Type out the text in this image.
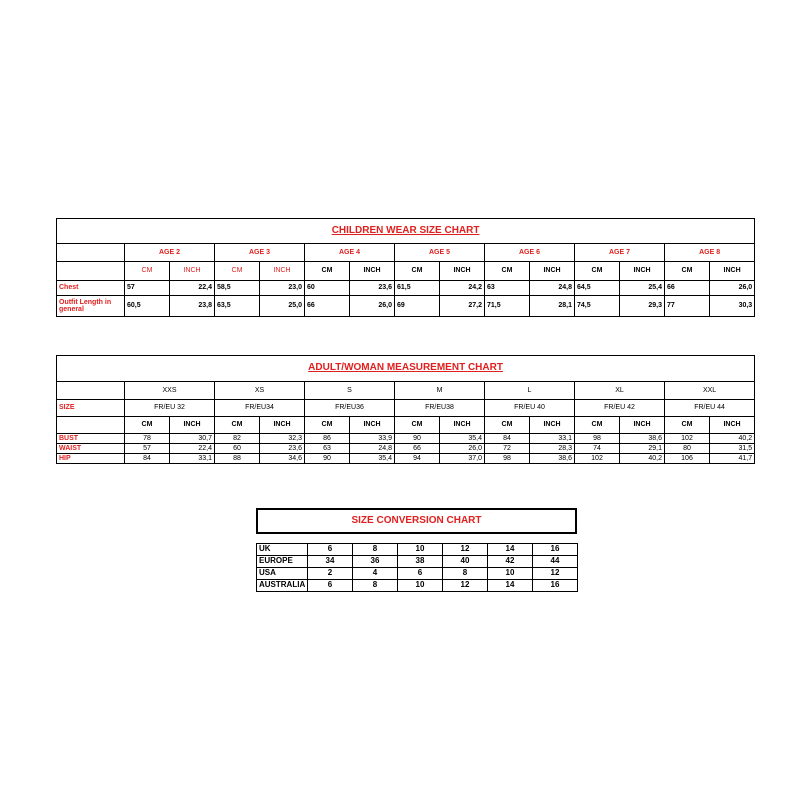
CHILDREN WEAR SIZE CHART														
	AGE 2		AGE 3		AGE 4		AGE 5		AGE 6		AGE 7		AGE 8	
	CM	INCH	CM	INCH	CM	INCH	CM	INCH	CM	INCH	CM	INCH	CM	INCH
Chest	57	22,4	58,5	23,0	60	23,6	61,5	24,2	63	24,8	64,5	25,4	66	26,0
Outfit Length in general	60,5	23,8	63,5	25,0	66	26,0	69	27,2	71,5	28,1	74,5	29,3	77	30,3
ADULT/WOMAN MEASUREMENT CHART														
	XXS		XS		S		M		L		XL		XXL	
SIZE	FR/EU 32		FR/EU34		FR/EU36		FR/EU38		FR/EU 40		FR/EU 42		FR/EU 44	
	CM	INCH	CM	INCH	CM	INCH	CM	INCH	CM	INCH	CM	INCH	CM	INCH
BUST	78	30,7	82	32,3	86	33,9	90	35,4	84	33,1	98	38,6	102	40,2
WAIST	57	22,4	60	23,6	63	24,8	66	26,0	72	28,3	74	29,1	80	31,5
HIP	84	33,1	88	34,6	90	35,4	94	37,0	98	38,6	102	40,2	106	41,7
SIZE CONVERSION CHART
UK	6	8	10	12	14	16
EUROPE	34	36	38	40	42	44
USA	2	4	6	8	10	12
AUSTRALIA	6	8	10	12	14	16
